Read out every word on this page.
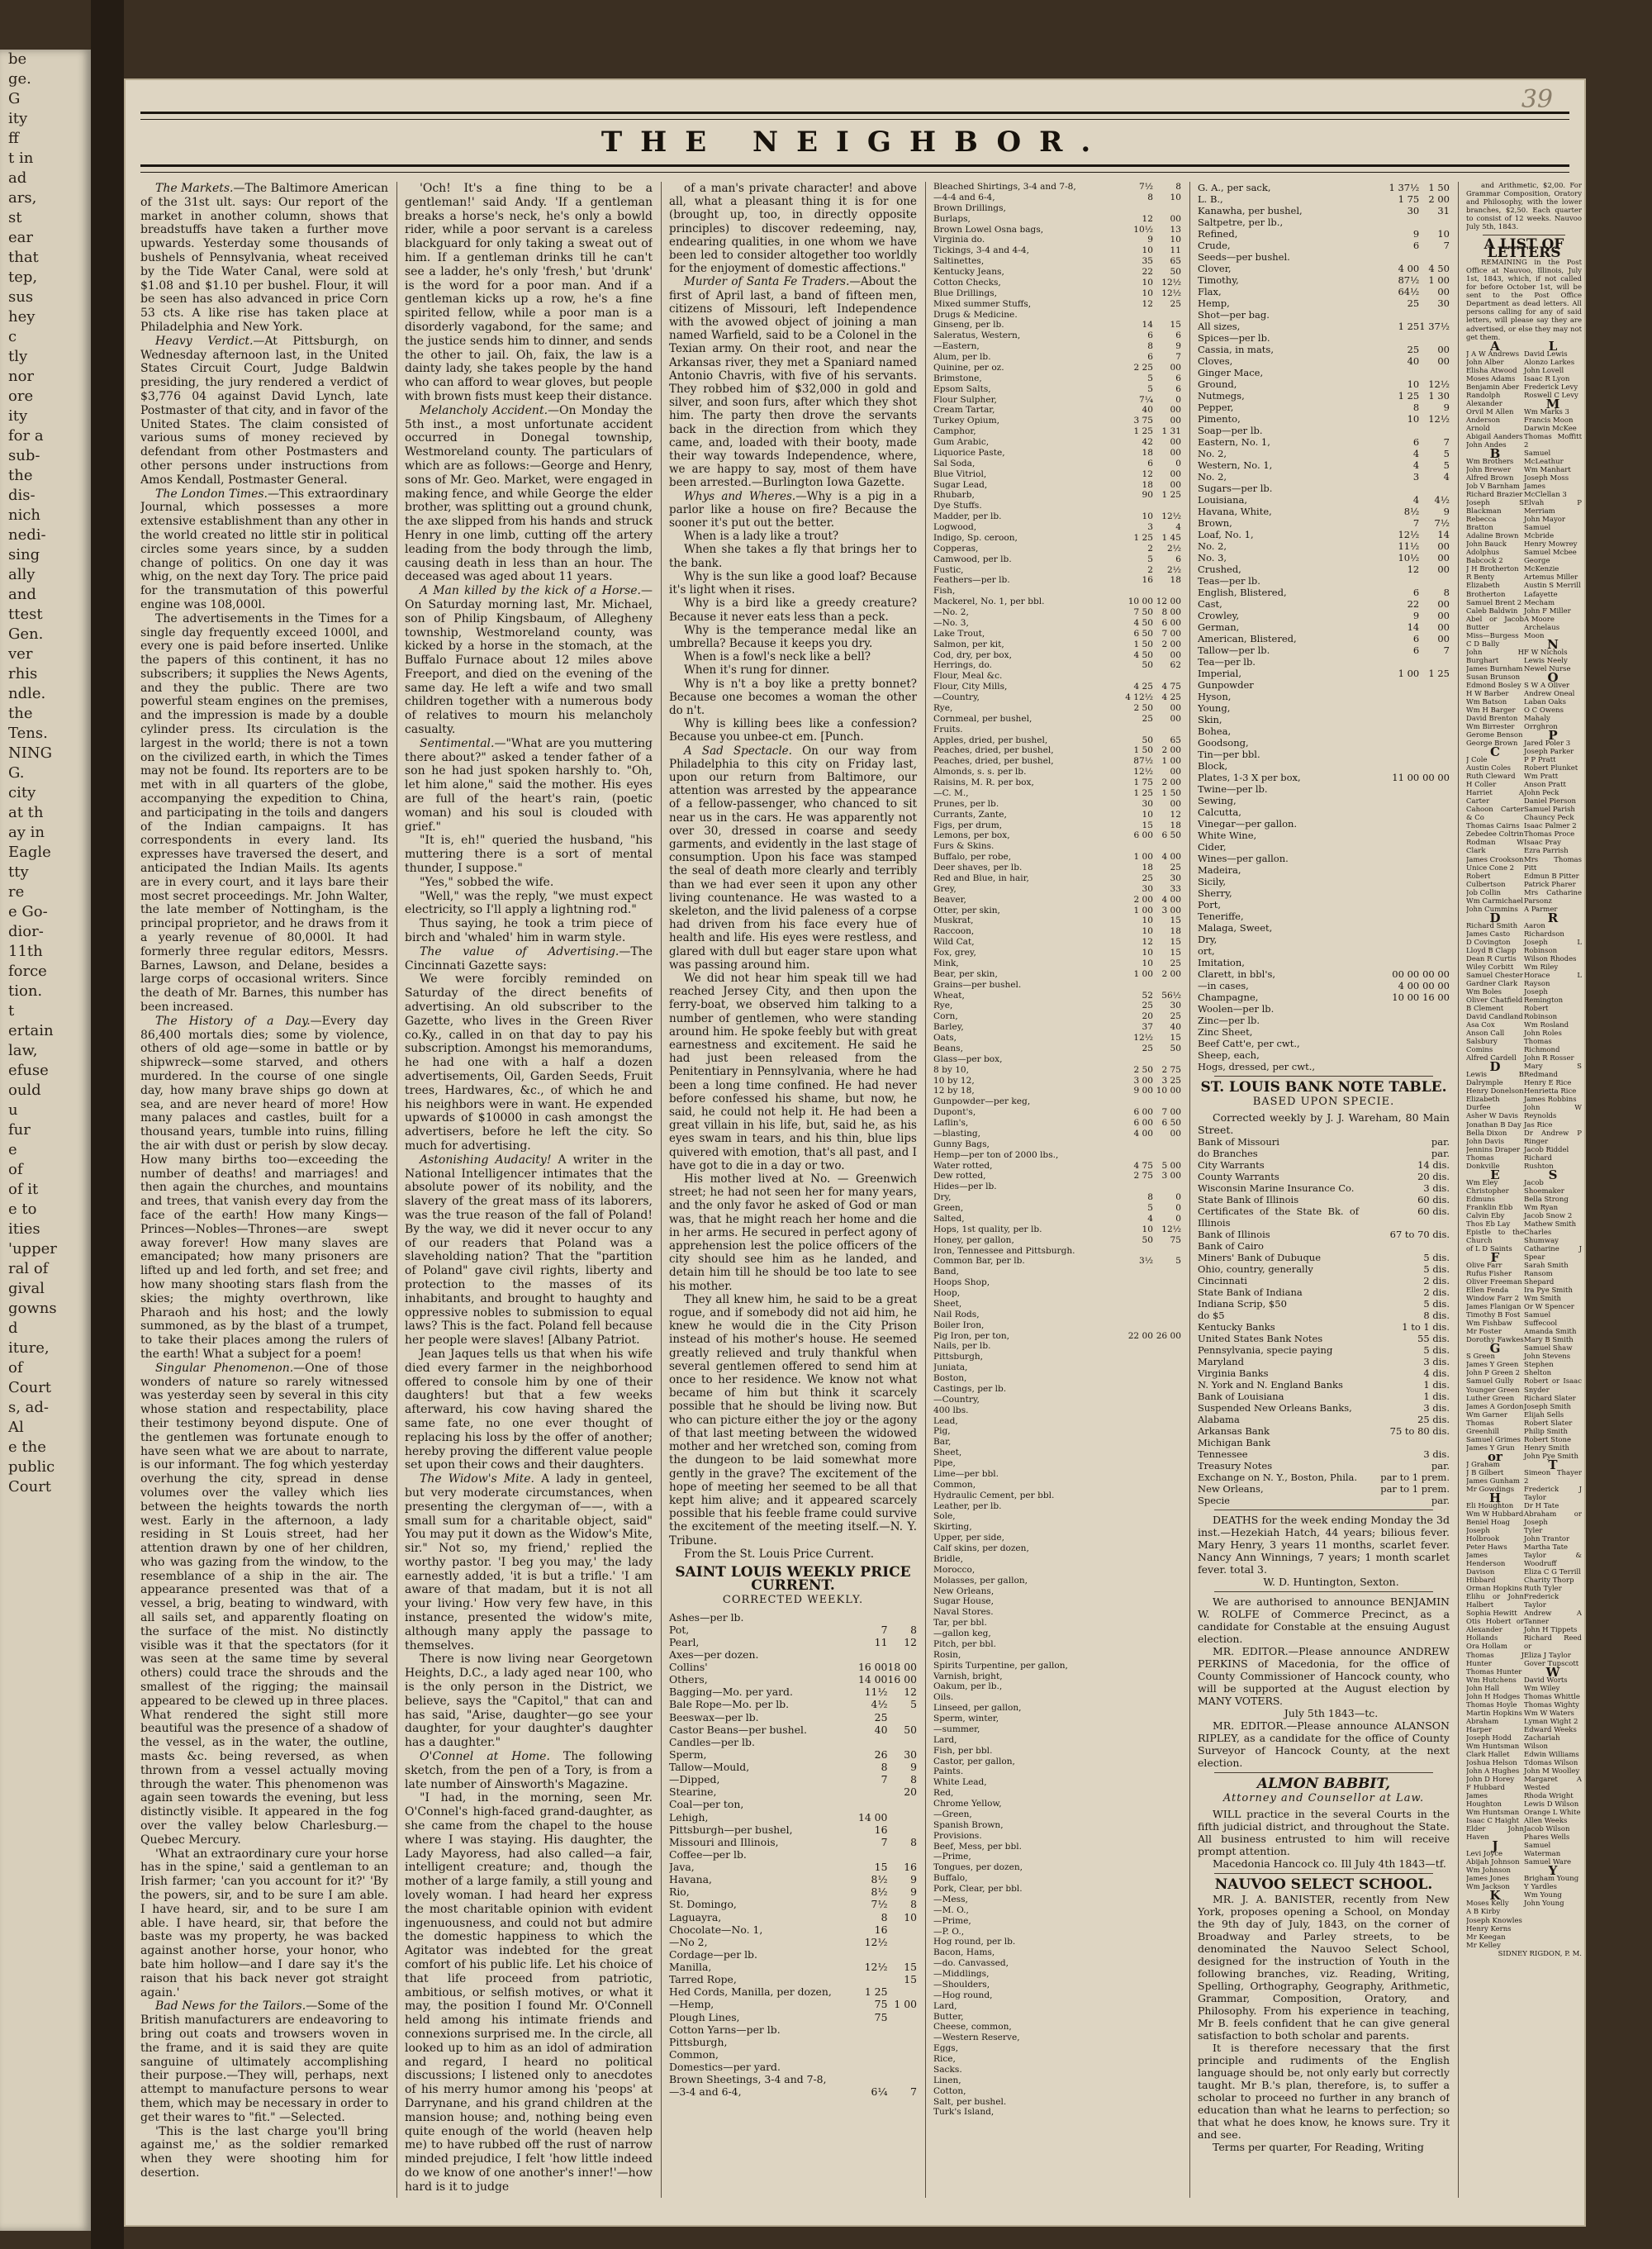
be
ge.
G
ity
ff
t in
ad
ars,
st
ear
that
tep,
sus
hey
c
tly
nor
ore
ity
for a
sub-
the
dis-
nich
nedi-
sing
ally
and
ttest
Gen.
ver
rhis
ndle.
the
Tens.
NING
G.
city
at th
ay in
Eagle
tty
re
e Go-
dior-
11th
force
tion.
t
ertain
law,
efuse
ould
u
fur
e
of
of it
e to
ities
'upper
ral of
gival
gowns
d
iture,
of
Court
s, ad-
Al
e the
public
Court
39
THE NEIGHBOR.

The Markets.—The Baltimore American of the 31st ult. says: Our report of the market in another column, shows that breadstuffs have taken a further move upwards. Yesterday some thousands of bushels of Pennsylvania, wheat received by the Tide Water Canal, were sold at $1.08 and $1.10 per bushel. Flour, it will be seen has also advanced in price Corn 53 cts. A like rise has taken place at Philadelphia and New York.

Heavy Verdict.—At Pittsburgh, on Wednesday afternoon last, in the United States Circuit Court, Judge Baldwin presiding, the jury rendered a verdict of $3,776 04 against David Lynch, late Postmaster of that city, and in favor of the United States. The claim consisted of various sums of money recieved by defendant from other Postmasters and other persons under instructions from Amos Kendall, Postmaster General.

The London Times.—This extraordinary Journal, which possesses a more extensive establishment than any other in the world created no little stir in political circles some years since, by a sudden change of politics. On one day it was whig, on the next day Tory. The price paid for the transmutation of this powerful engine was 108,000l.

The advertisements in the Times for a single day frequently exceed 1000l, and every one is paid before inserted. Unlike the papers of this continent, it has no subscribers; it supplies the News Agents, and they the public. There are two powerful steam engines on the premises, and the impression is made by a double cylinder press. Its circulation is the largest in the world; there is not a town on the civilized earth, in which the Times may not be found. Its reporters are to be met with in all quarters of the globe, accompanying the expedition to China, and participating in the toils and dangers of the Indian campaigns. It has correspondents in every land. Its expresses have traversed the desert, and anticipated the Indian Mails. Its agents are in every court, and it lays bare their most secret proceedings. Mr. John Walter, the late member of Nottingham, is the principal proprietor, and he draws from it a yearly revenue of 80,000l. It had formerly three regular editors, Messrs. Barnes, Lawson, and Delane, besides a large corps of occasional writers. Since the death of Mr. Barnes, this number has been increased.

The History of a Day.—Every day 86,400 mortals dies; some by violence, others of old age—some in battle or by shipwreck—some starved, and others murdered. In the course of one single day, how many brave ships go down at sea, and are never heard of more! How many palaces and castles, built for a thousand years, tumble into ruins, filling the air with dust or perish by slow decay. How many births too—exceeding the number of deaths! and marriages! and then again the churches, and mountains and trees, that vanish every day from the face of the earth! How many Kings—Princes—Nobles—Thrones—are swept away forever! How many slaves are emancipated; how many prisoners are lifted up and led forth, and set free; and how many shooting stars flash from the skies; the mighty overthrown, like Pharaoh and his host; and the lowly summoned, as by the blast of a trumpet, to take their places among the rulers of the earth! What a subject for a poem!

Singular Phenomenon.—One of those wonders of nature so rarely witnessed was yesterday seen by several in this city whose station and respectability, place their testimony beyond dispute. One of the gentlemen was fortunate enough to have seen what we are about to narrate, is our informant. The fog which yesterday overhung the city, spread in dense volumes over the valley which lies between the heights towards the north west. Early in the afternoon, a lady residing in St Louis street, had her attention drawn by one of her children, who was gazing from the window, to the resemblance of a ship in the air. The appearance presented was that of a vessel, a brig, beating to windward, with all sails set, and apparently floating on the surface of the mist. No distinctly visible was it that the spectators (for it was seen at the same time by several others) could trace the shrouds and the smallest of the rigging; the mainsail appeared to be clewed up in three places. What rendered the sight still more beautiful was the presence of a shadow of the vessel, as in the water, the outline, masts &c. being reversed, as when thrown from a vessel actually moving through the water. This phenomenon was again seen towards the evening, but less distinctly visible. It appeared in the fog over the valley below Charlesburg.—Quebec Mercury.

'What an extraordinary cure your horse has in the spine,' said a gentleman to an Irish farmer; 'can you account for it?' 'By the powers, sir, and to be sure I am able. I have heard, sir, and to be sure I am able. I have heard, sir, that before the baste was my property, he was backed against another horse, your honor, who bate him hollow—and I dare say it's the raison that his back never got straight again.'

Bad News for the Tailors.—Some of the British manufacturers are endeavoring to bring out coats and trowsers woven in the frame, and it is said they are quite sanguine of ultimately accomplishing their purpose.—They will, perhaps, next attempt to manufacture persons to wear them, which may be necessary in order to get their wares to "fit." —Selected.

'This is the last charge you'll bring against me,' as the soldier remarked when they were shooting him for desertion.

'Och! It's a fine thing to be a gentleman!' said Andy. 'If a gentleman breaks a horse's neck, he's only a bowld rider, while a poor servant is a careless blackguard for only taking a sweat out of him. If a gentleman drinks till he can't see a ladder, he's only 'fresh,' but 'drunk' is the word for a poor man. And if a gentleman kicks up a row, he's a fine spirited fellow, while a poor man is a disorderly vagabond, for the same; and the justice sends him to dinner, and sends the other to jail. Oh, faix, the law is a dainty lady, she takes people by the hand who can afford to wear gloves, but people with brown fists must keep their distance.

Melancholy Accident.—On Monday the 5th inst., a most unfortunate accident occurred in Donegal township, Westmoreland county. The particulars of which are as follows:—George and Henry, sons of Mr. Geo. Market, were engaged in making fence, and while George the elder brother, was splitting out a ground chunk, the axe slipped from his hands and struck Henry in one limb, cutting off the artery leading from the body through the limb, causing death in less than an hour. The deceased was aged about 11 years.

A Man killed by the kick of a Horse.—On Saturday morning last, Mr. Michael, son of Philip Kingsbaum, of Allegheny township, Westmoreland county, was kicked by a horse in the stomach, at the Buffalo Furnace about 12 miles above Freeport, and died on the evening of the same day. He left a wife and two small children together with a numerous body of relatives to mourn his melancholy casualty.

Sentimental.—"What are you muttering there about?" asked a tender father of a son he had just spoken harshly to. "Oh, let him alone," said the mother. His eyes are full of the heart's rain, (poetic woman) and his soul is clouded with grief."

"It is, eh!" queried the husband, "his muttering there is a sort of mental thunder, I suppose."

"Yes," sobbed the wife.

"Well," was the reply, "we must expect electricity, so I'll apply a lightning rod."

Thus saying, he took a trim piece of birch and 'whaled' him in warm style.

The value of Advertising.—The Cincinnati Gazette says:

We were forcibly reminded on Saturday of the direct benefits of advertising. An old subscriber to the Gazette, who lives in the Green River co.Ky., called in on that day to pay his subscription. Amongst his memorandums, he had one with a half a dozen advertisements, Oil, Garden Seeds, Fruit trees, Hardwares, &c., of which he and his neighbors were in want. He expended upwards of $10000 in cash amongst the advertisers, before he left the city. So much for advertising.

Astonishing Audacity! A writer in the National Intelligencer intimates that the absolute power of its nobility, and the slavery of the great mass of its laborers, was the true reason of the fall of Poland! By the way, we did it never occur to any of our readers that Poland was a slaveholding nation? That the "partition of Poland" gave civil rights, liberty and protection to the masses of its inhabitants, and brought to haughty and oppressive nobles to submission to equal laws? This is the fact. Poland fell because her people were slaves! [Albany Patriot.

Jean Jaques tells us that when his wife died every farmer in the neighborhood offered to console him by one of their daughters! but that a few weeks afterward, his cow having shared the same fate, no one ever thought of replacing his loss by the offer of another; hereby proving the different value people set upon their cows and their daughters.

The Widow's Mite. A lady in genteel, but very moderate circumstances, when presenting the clergyman of——, with a small sum for a charitable object, said" You may put it down as the Widow's Mite, sir." Not so, my friend,' replied the worthy pastor. 'I beg you may,' the lady earnestly added, 'it is but a trifle.' 'I am aware of that madam, but it is not all your living.' How very few have, in this instance, presented the widow's mite, although many apply the passage to themselves.

There is now living near Georgetown Heights, D.C., a lady aged near 100, who is the only person in the District, we believe, says the "Capitol," that can and has said, "Arise, daughter—go see your daughter, for your daughter's daughter has a daughter."

O'Connel at Home. The following sketch, from the pen of a Tory, is from a late number of Ainsworth's Magazine.

"I had, in the morning, seen Mr. O'Connel's high-faced grand-daughter, as she came from the chapel to the house where I was staying. His daughter, the Lady Mayoress, had also called—a fair, intelligent creature; and, though the mother of a large family, a still young and lovely woman. I had heard her express the most charitable opinion with evident ingenuousness, and could not but admire the domestic happiness to which the Agitator was indebted for the great comfort of his public life. Let his choice of that life proceed from patriotic, ambitious, or selfish motives, or what it may, the position I found Mr. O'Connell held among his intimate friends and connexions surprised me. In the circle, all looked up to him as an idol of admiration and regard, I heard no political discussions; I listened only to anecdotes of his merry humor among his 'peops' at Darrynane, and his grand children at the mansion house; and, nothing being even quite enough of the world (heaven help me) to have rubbed off the rust of narrow minded prejudice, I felt 'how little indeed do we know of one another's inner!'—how hard is it to judge

of a man's private character! and above all, what a pleasant thing it is for one (brought up, too, in directly opposite principles) to discover redeeming, nay, endearing qualities, in one whom we have been led to consider altogether too worldly for the enjoyment of domestic affections."

Murder of Santa Fe Traders.—About the first of April last, a band of fifteen men, citizens of Missouri, left Independence with the avowed object of joining a man named Warfield, said to be a Colonel in the Texian army. On their root, and near the Arkansas river, they met a Spaniard named Antonio Chavris, with five of his servants. They robbed him of $32,000 in gold and silver, and soon furs, after which they shot him. The party then drove the servants back in the direction from which they came, and, loaded with their booty, made their way towards Independence, where, we are happy to say, most of them have been arrested.—Burlington Iowa Gazette.

Whys and Wheres.—Why is a pig in a parlor like a house on fire? Because the sooner it's put out the better.

When is a lady like a trout?

When she takes a fly that brings her to the bank.

Why is the sun like a good loaf? Because it's light when it rises.

Why is a bird like a greedy creature? Because it never eats less than a peck.

Why is the temperance medal like an umbrella? Because it keeps you dry.

When is a fowl's neck like a bell?

When it's rung for dinner.

Why is n't a boy like a pretty bonnet? Because one becomes a woman the other do n't.

Why is killing bees like a confession? Because you unbee-ct em. [Punch.

A Sad Spectacle. On our way from Philadelphia to this city on Friday last, upon our return from Baltimore, our attention was arrested by the appearance of a fellow-passenger, who chanced to sit near us in the cars. He was apparently not over 30, dressed in coarse and seedy garments, and evidently in the last stage of consumption. Upon his face was stamped the seal of death more clearly and terribly than we had ever seen it upon any other living countenance. He was wasted to a skeleton, and the livid paleness of a corpse had driven from his face every hue of health and life. His eyes were restless, and glared with dull but eager stare upon what was passing around him.

We did not hear him speak till we had reached Jersey City, and then upon the ferry-boat, we observed him talking to a number of gentlemen, who were standing around him. He spoke feebly but with great earnestness and excitement. He said he had just been released from the Penitentiary in Pennsylvania, where he had been a long time confined. He had never before confessed his shame, but now, he said, he could not help it. He had been a great villain in his life, but, said he, as his eyes swam in tears, and his thin, blue lips quivered with emotion, that's all past, and I have got to die in a day or two.

His mother lived at No. — Greenwich street; he had not seen her for many years, and the only favor he asked of God or man was, that he might reach her home and die in her arms. He secured in perfect agony of apprehension lest the police officers of the city should see him as he landed, and detain him till he should be too late to see his mother.

They all knew him, he said to be a great rogue, and if somebody did not aid him, he knew he would die in the City Prison instead of his mother's house. He seemed greatly relieved and truly thankful when several gentlemen offered to send him at once to her residence. We know not what became of him but think it scarcely possible that he should be living now. But who can picture either the joy or the agony of that last meeting between the widowed mother and her wretched son, coming from the dungeon to be laid somewhat more gently in the grave? The excitement of the hope of meeting her seemed to be all that kept him alive; and it appeared scarcely possible that his feeble frame could survive the excitement of the meeting itself.—N. Y. Tribune.

From the St. Louis Price Current.

SAINT LOUIS WEEKLY PRICE CURRENT.
CORRECTED WEEKLY.
Ashes—per lb.		
Pot,	7	8
Pearl,	11	12
Axes—per dozen.		
Collins'	16 00	18 00
Others,	14 00	16 00
Bagging—Mo. per yard.	11½	12
Bale Rope—Mo. per lb.	4½	5
Beeswax—per lb.	25	
Castor Beans—per bushel.	40	50
Candles—per lb.		
Sperm,	26	30
Tallow—Mould,	8	9
—Dipped,	7	8
Stearine,		20
Coal—per ton,		
Lehigh,	14 00	
Pittsburgh—per bushel,	16	
Missouri and Illinois,	7	8
Coffee—per lb.		
Java,	15	16
Havana,	8½	9
Rio,	8½	9
St. Domingo,	7½	8
Laguayra,	8	10
Chocolate—No. 1,	16	
—No 2,	12½	
Cordage—per lb.		
Manilla,	12½	15
Tarred Rope,		15
Hed Cords, Manilla, per dozen,	1 25	
—Hemp,	75	1 00
Plough Lines,	75	
Cotton Yarns—per lb.		
Pittsburgh,		
Common,		
Domestics—per yard.		
Brown Sheetings, 3-4 and 7-8,		
—3-4 and 6-4,	6¼	7
Bleached Shirtings, 3-4 and 7-8,	7½	8
—4-4 and 6-4,	8	10
Brown Drillings,		
Burlaps,	12	00
Brown Lowel Osna bags,	10½	13
Virginia do.	9	10
Tickings, 3-4 and 4-4,	10	11
Saltinettes,	35	65
Kentucky Jeans,	22	50
Cotton Checks,	10	12½
Blue Drillings,	10	12½
Mixed summer Stuffs,	12	25
Drugs & Medicine.		
Ginseng, per lb.	14	15
Saleratus, Western,	6	6
—Eastern,	8	9
Alum, per lb.	6	7
Quinine, per oz.	2 25	00
Brimstone,	5	6
Epsom Salts,	5	6
Flour Sulpher,	7¼	0
Cream Tartar,	40	00
Turkey Opium,	3 75	00
Camphor,	1 25	1 31
Gum Arabic,	42	00
Liquorice Paste,	18	00
Sal Soda,	6	0
Blue Vitriol,	12	00
Sugar Lead,	18	00
Rhubarb,	90	1 25
Dye Stuffs.		
Madder, per lb.	10	12½
Logwood,	3	4
Indigo, Sp. ceroon,	1 25	1 45
Copperas,	2	2½
Camwood, per lb.	5	6
Fustic,	2	2½
Feathers—per lb.	16	18
Fish,		
Mackerel, No. 1, per bbl.	10 00	12 00
—No. 2,	7 50	8 00
—No. 3,	4 50	6 00
Lake Trout,	6 50	7 00
Salmon, per kit,	1 50	2 00
Cod, dry, per box,	4 50	00
Herrings, do.	50	62
Flour, Meal &c.		
Flour, City Mills,	4 25	4 75
—Country,	4 12½	4 25
Rye,	2 50	00
Cornmeal, per bushel,	25	00
Fruits.		
Apples, dried, per bushel,	50	65
Peaches, dried, per bushel,	1 50	2 00
Peaches, dried, per bushel,	87½	1 00
Almonds, s. s. per lb.	12½	00
Raisins, M. R. per box,	1 75	2 00
—C. M.,	1 25	1 50
Prunes, per lb.	30	00
Currants, Zante,	10	12
Figs, per drum,	15	18
Lemons, per box,	6 00	6 50
Furs & Skins.		
Buffalo, per robe,	1 00	4 00
Deer shaves, per lb.	18	25
Red and Blue, in hair,	25	30
Grey,	30	33
Beaver,	2 00	4 00
Otter, per skin,	1 00	3 00
Muskrat,	10	15
Raccoon,	10	18
Wild Cat,	12	15
Fox, grey,	10	15
Mink,	10	25
Bear, per skin,	1 00	2 00
Grains—per bushel.		
Wheat,	52	56½
Rye,	25	30
Corn,	20	25
Barley,	37	40
Oats,	12½	15
Beans,	25	50
Glass—per box,		
8 by 10,	2 50	2 75
10 by 12,	3 00	3 25
12 by 18,	9 00	10 00
Gunpowder—per keg,		
Dupont's,	6 00	7 00
Laflin's,	6 00	6 50
—blasting,	4 00	00
Gunny Bags,		
Hemp—per ton of 2000 lbs.,		
Water rotted,	4 75	5 00
Dew rotted,	2 75	3 00
Hides—per lb.		
Dry,	8	0
Green,	5	0
Salted,	4	0
Hops, 1st quality, per lb.	10	12½
Honey, per gallon,	50	75
Iron, Tennessee and Pittsburgh.		
Common Bar, per lb.	3½	5
Band,		
Hoops Shop,		
Hoop,		
Sheet,		
Nail Rods,		
Boiler Iron,		
Pig Iron, per ton,	22 00	26 00
Nails, per lb.		
Pittsburgh,		
Juniata,		
Boston,		
Castings, per lb.		
—Country,		
400 lbs.		
Lead,		
Pig,		
Bar,		
Sheet,		
Pipe,		
Lime—per bbl.		
Common,		
Hydraulic Cement, per bbl.		
Leather, per lb.		
Sole,		
Skirting,		
Upper, per side,		
Calf skins, per dozen,		
Bridle,		
Morocco,		
Molasses, per gallon,		
New Orleans,		
Sugar House,		
Naval Stores.		
Tar, per bbl.		
—gallon keg,		
Pitch, per bbl.		
Rosin,		
Spirits Turpentine, per gallon,		
Varnish, bright,		
Oakum, per lb.,		
Oils.		
Linseed, per gallon,		
Sperm, winter,		
—summer,		
Lard,		
Fish, per bbl.		
Castor, per gallon,		
Paints.		
White Lead,		
Red,		
Chrome Yellow,		
—Green,		
Spanish Brown,		
Provisions.		
Beef, Mess, per bbl.		
—Prime,		
Tongues, per dozen,		
Buffalo,		
Pork, Clear, per bbl.		
—Mess,		
—M. O.,		
—Prime,		
—P. O.,		
Hog round, per lb.		
Bacon, Hams,		
—do. Canvassed,		
—Middlings,		
—Shoulders,		
—Hog round,		
Lard,		
Butter,		
Cheese, common,		
—Western Reserve,		
Eggs,		
Rice,		
Sacks.		
Linen,		
Cotton,		
Salt, per bushel.		
Turk's Island,		
G. A., per sack,	1 37½	1 50
L. B.,	1 75	2 00
Kanawha, per bushel,	30	31
Saltpetre, per lb.,		
Refined,	9	10
Crude,	6	7
Seeds—per bushel.		
Clover,	4 00	4 50
Timothy,	87½	1 00
Flax,	64½	00
Hemp,	25	30
Shot—per bag.		
All sizes,	1 25	1 37½
Spices—per lb.		
Cassia, in mats,	25	00
Cloves,	40	00
Ginger Mace,		
Ground,	10	12½
Nutmegs,	1 25	1 30
Pepper,	8	9
Pimento,	10	12½
Soap—per lb.		
Eastern, No. 1,	6	7
No. 2,	4	5
Western, No. 1,	4	5
No. 2,	3	4
Sugars—per lb.		
Louisiana,	4	4½
Havana, White,	8½	9
Brown,	7	7½
Loaf, No. 1,	12½	14
No. 2,	11½	00
No. 3,	10½	00
Crushed,	12	00
Teas—per lb.		
English, Blistered,	6	8
Cast,	22	00
Crowley,	9	00
German,	14	00
American, Blistered,	6	00
Tallow—per lb.	6	7
Tea—per lb.		
Imperial,	1 00	1 25
Gunpowder		
Hyson,		
Young,		
Skin,		
Bohea,		
Goodsong,		
Tin—per bbl.		
Block,		
Plates, 1-3 X per box,	11 00	00 00
Twine—per lb.		
Sewing,		
Calcutta,		
Vinegar—per gallon.		
White Wine,		
Cider,		
Wines—per gallon.		
Madeira,		
Sicily,		
Sherry,		
Port,		
Teneriffe,		
Malaga, Sweet,		
Dry,		
ort,		
Imitation,		
Clarett, in bbl's,	00 00	00 00
—in cases,	4 00	00 00
Champagne,	10 00	16 00
Woolen—per lb.		
Zinc—per lb.		
Zinc Sheet,		
Beef Catt'e, per cwt.,		
Sheep, each,		
Hogs, dressed, per cwt.,		
ST. LOUIS BANK NOTE TABLE.
BASED UPON SPECIE.

Corrected weekly by J. J. Wareham, 80 Main Street.

Bank of Missouri	par.
do Branches	par.
City Warrants	14 dis.
County Warrants	20 dis.
Wisconsin Marine Insurance Co.	3 dis.
State Bank of Illinois	60 dis.
Certificates of the State Bk. of Illinois	60 dis.
Bank of Illinois	67 to 70 dis.
Bank of Cairo	
Miners' Bank of Dubuque	5 dis.
Ohio, country, generally	5 dis.
Cincinnati	2 dis.
State Bank of Indiana	2 dis.
Indiana Scrip, $50	5 dis.
do $5	8 dis.
Kentucky Banks	1 to 1 dis.
United States Bank Notes	55 dis.
Pennsylvania, specie paying	5 dis.
Maryland	3 dis.
Virginia Banks	4 dis.
N. York and N. England Banks	1 dis.
Bank of Louisiana	1 dis.
Suspended New Orleans Banks,	3 dis.
Alabama	25 dis.
Arkansas Bank	75 to 80 dis.
Michigan Bank	
Tennessee	3 dis.
Treasury Notes	par.
Exchange on N. Y., Boston, Phila.	par to 1 prem.
New Orleans,	par to 1 prem.
Specie	par.

DEATHS for the week ending Monday the 3d inst.—Hezekiah Hatch, 44 years; bilious fever. Mary Henry, 3 years 11 months, scarlet fever. Nancy Ann Winnings, 7 years; 1 month scarlet fever. total 3.

W. D. Huntington, Sexton.

We are authorised to announce BENJAMIN W. ROLFE of Commerce Precinct, as a candidate for Constable at the ensuing August election.

MR. EDITOR.—Please announce ANDREW PERKINS of Macedonia, for the office of County Commissioner of Hancock county, who will be supported at the August election by MANY VOTERS.

July 5th 1843—tc.

MR. EDITOR.—Please announce ALANSON RIPLEY, as a candidate for the office of County Surveyor of Hancock County, at the next election.

ALMON BABBIT,
Attorney and Counsellor at Law.

WILL practice in the several Courts in the fifth judicial district, and throughout the State. All business entrusted to him will receive prompt attention.

Macedonia Hancock co. Ill July 4th 1843—tf.

NAUVOO SELECT SCHOOL.

MR. J. A. BANISTER, recently from New York, proposes opening a School, on Monday the 9th day of July, 1843, on the corner of Broadway and Parley streets, to be denominated the Nauvoo Select School, designed for the instruction of Youth in the following branches, viz. Reading, Writing, Spelling, Orthography, Geography, Arithmetic, Grammar, Composition, Oratory, and Philosophy. From his experience in teaching, Mr B. feels confident that he can give general satisfaction to both scholar and parents.

It is therefore necessary that the first principle and rudiments of the English language should be, not only early but correctly taught. Mr B.'s plan, therefore, is, to suffer a scholar to proceed no further in any branch of education than what he learns to perfection; so that what he does know, he knows sure. Try it and see.

Terms per quarter, For Reading, Writing

and Arithmetic, $2,00. For Grammar Composition, Oratory and Philosophy, with the lower branches, $2,50. Each quarter to consist of 12 weeks. Nauvoo July 5th, 1843.

A LIST OF LETTERS

REMAINING in the Post Office at Nauvoo, Illinois, July 1st, 1843, which, if not called for before October 1st, will be sent to the Post Office Department as dead letters. All persons calling for any of said letters, will please say they are advertised, or else they may not get them.

A
J A W Andrews
John Alber
Elisha Atwood
Moses Adams
Benjamin Aber
Randolph Alexander
Orvil M Allen
Anderson Arnold
Abigail Aanders
John Andes
B
Wm Brothers
John Brewer
Alfred Brown
Job V Barnham
Richard Brazier
Joseph S Blackman
Rebecca Bratton
Adaline Brown
John Bauck
Adolphus Babcock 2
J H Brotherton
R Benty
Elizabeth Brotherton
Samuel Brent 2
Caleb Baldwin
Abel or Jacob Butter
Miss—Burgess
C D Bally
John H Burghart
James Burnham
Susan Brunson
Edmond Bosley
H W Barber
Wm Batson
Wm H Barger
David Brenton
Wm Birrester
Gerome Benson
George Brown
C
J Cole
Austin Coles
Ruth Cleward
H Coller
Harriet A Carter
Cahoon Carter & Co
Thomas Cairns
Zebedee Coltrin
Rodman W Clark
James Crookson
Unice Cone 2
Robert Culbertson
Job Collin
Wm Carmichael
John Cummins
D
Richard Smith
James Casto
D Covington
Lloyd B Clapp
Dean R Curtis
Wiley Corbitt
Samuel Chester
Gardner Clark
Wm Boles
Oliver Chatfield
B Clement
David Candland
Asa Cox
Anson Call
Salsbury Comins
Alfred Cardell
D
Lewis B Dalrymple
Henry Donelson
Elizabeth Durfee
Asher W Davis
Jonathan B Day
Bella Dixon
John Davis
Jennins Draper
Thomas Donkville
E
Wm Eley
Christopher Edmuns
Franklin Ebb
Calvin Eby
Thos Eb Lay
Epistle to the Church
of L D Saints
F
Olive Farr
Rufus Fisher
Oliver Freeman
Ellen Fenda
Window Farr 2
James Flanigan
Timothy B Fost
Wm Fishbaw
Mr Foster
Dorothy Fawkes
G
S Green
James Y Green
John P Green 2
Samuel Gully
Younger Green
Luther Green
James A Gordon
Wm Garner
Thomas Greenhill
Samuel Grimes
James Y Grun
or
J Graham
J B Gilbert
James Gunham
Mr Gowdings
H
Eli Houghton
Wm W Hubbard
Beniel Hoag
Joseph Holbrook
Peter Haws
James Henderson
Davison Hibbard
Orman Hopkins
Elihu or John Halbert
Sophia Hewitt
Otis Hobert or Alexander Hollands
Ora Hollam
Thomas J Hunter
Thomas Hunter
Wm Hutchens
John Hall
John H Hodges
Thomas Hoyle
Martin Hopkins
Abraham Harper
Joseph Hodd
Wm Huntsman
Clark Hallet
Joshua Helson
John A Hughes
John D Horey
F Hubbard
James Houghton
Wm Huntsman
Isaac C Haight
Elder John Haven
J
Levi Joyce
Abijah Johnson
Wm Johnson
James Jones
Wm Jackson
K
Moses Kelly
A B Kirby
Joseph Knowles
Henry Kerns
Mr Keegan
Mr Kelley
L
David Lewis
Alonzo Larkes
John Lovell
Isaac R Lyon
Frederick Levy
Roswell C Levy
M
Wm Marks 3
Francis Moon
Darwin McKee
Thomas Moffitt 2
Samuel McLeathur
Wm Manhart
Joseph Moss
James McClellan 3
Elvah P Merriam
John Mayor
Samuel Mcbride
Henry Mowrey
Samuel Mcbee
George McKenzie
Artemus Miller
Austin S Merrill
Lafayette Mecham
John F Miller
A Moore
Archelaus Moon
N
F W Nichols
Lewis Neely
Newel Nurse
O
S W A Oliver
Andrew Oneal
Laban Oaks
O C Owens
Mahaly Orrghron
P
Jared Poler 3
Joseph Parker
P P Pratt
Robert Plunket
Wm Pratt
Anson Pratt
John Peck
Daniel Pierson
Samuel Parish
Chauncy Peck
Isaac Palmer 2
Thomas Proce
Isaac Pray
Ezra Parrish
Mrs Thomas Pitt
Edmun B Pitter
Patrick Pharer
Mrs Catharine Parsonz
A Parmer
R
Aaron Richardson
Joseph L Robinson
Wilson Rhodes
Wm Riley
Horace L Rayson
Joseph Remington
Robert Robinson
Wm Rosland
John Roles
Thomas Richmond
John R Rosser
Mary S Redmand
Henry E Rice
Henrietta Rice
James Robbins
John W Reynolds
Jas Rice
Dr Andrew P Ringer
Jacob Riddel
Richard Rushton
S
Jacob Shoemaker
Bella Strong
Wm Ryan
Jacob Snow 2
Mathew Smith
Charles Shumway
Catharine J Spear
Sarah Smith
Ransom Shepard
Ira Pye Smith
Wm Smith
Or W Spencer
Samuel Suffecool
Amanda Smith
Mary B Smith
Samuel Shaw
John Stevens
Stephen Shelton
Robert or Isaac Snyder
Richard Slater
Joseph Smith
Elijah Sells
Robert Slater
Philip Smith
Robert Stone
Henry Smith
John Pye Smith
T
Simeon Thayer 2
Frederick J Taylor
Dr H Tate
Abraham or Joseph
Tyler
John Trantor
Martha Tate
Taylor & Woodruff
Eliza C G Terrill
Charity Thorp
Ruth Tyler
Frederick Taylor
Andrew A Tanner
John H Tippets
Richard Reed or
Eliza J Taylor
Gover Tupscott
W
David Worts
Wm Wiley
Thomas Whittle
Thomas Wighty
Wm W Waters
Lyman Wight 2
Edward Weeks
Zachariah Wilson
Edwin Williams
Tdomas Wilson
John M Woolley
Margaret A Wested
Rhoda Wright
Lewis D Wilson
Orange L White
Allen Weeks
Jacob Wilson
Phares Wells
Samuel Waterman
Samuel Ware
Y
Brigham Young
Y Yardles
Wm Young
John Young
SIDNEY RIGDON, P. M.
